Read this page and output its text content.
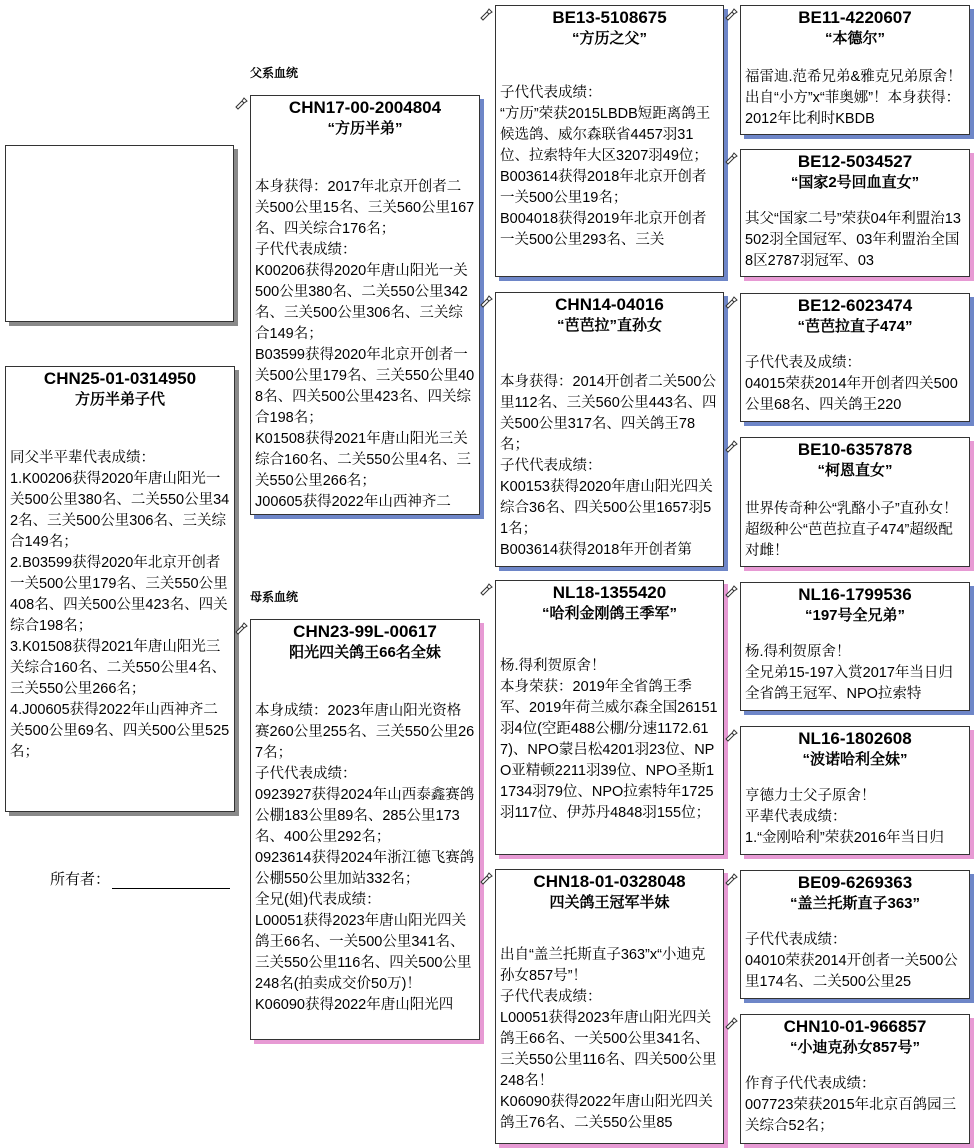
CHN25-01-0314950
方历半弟子代
同父半平辈代表成绩：
1.K00206获得2020年唐山阳光一关500公里380名、二关550公里342名、三关500公里306名、三关综合149名；
2.B03599获得2020年北京开创者一关500公里179名、三关550公里408名、四关500公里423名、四关综合198名；
3.K01508获得2021年唐山阳光三关综合160名、二关550公里4名、三关550公里266名；
4.J00605获得2022年山西神齐二关500公里69名、四关500公里525名；
所有者：
父系血统
母系血统
CHN17-00-2004804
“方历半弟”
本身获得：2017年北京开创者二关500公里15名、三关560公里167名、四关综合176名；
子代代表成绩：
K00206获得2020年唐山阳光一关500公里380名、二关550公里342名、三关500公里306名、三关综合149名；
B03599获得2020年北京开创者一关500公里179名、三关550公里408名、四关500公里423名、四关综合198名；
K01508获得2021年唐山阳光三关综合160名、二关550公里4名、三关550公里266名；
J00605获得2022年山西神齐二
CHN23-99L-00617
阳光四关鸽王66名全妹
本身成绩：2023年唐山阳光资格赛260公里255名、三关550公里267名；
子代代表成绩：
0923927获得2024年山西泰鑫赛鸽公棚183公里89名、285公里173名、400公里292名；
0923614获得2024年浙江德飞赛鸽公棚550公里加站332名；
全兄(姐)代表成绩：
L00051获得2023年唐山阳光四关鸽王66名、一关500公里341名、三关550公里116名、四关500公里248名(拍卖成交价50万)！
K06090获得2022年唐山阳光四
BE13-5108675
“方历之父”
子代代表成绩：
“方历”荣获2015LBDB短距离鸽王候选鸽、威尔森联省4457羽31位、拉索特年大区3207羽49位；
B003614获得2018年北京开创者一关500公里19名；
B004018获得2019年北京开创者一关500公里293名、三关
CHN14-04016
“芭芭拉”直孙女
本身获得：2014开创者二关500公里112名、三关560公里443名、四关500公里317名、四关鸽王78名；
子代代表成绩：
K00153获得2020年唐山阳光四关综合36名、四关500公里1657羽51名；
B003614获得2018年开创者第
NL18-1355420
“哈利金刚鸽王季军”
杨.得利贺原舍！
本身荣获：2019年全省鸽王季军、2019年荷兰威尔森全国26151羽4位(空距488公棚/分速1172.617)、NPO蒙吕松4201羽23位、NPO亚精顿2211羽39位、NPO圣斯11734羽79位、NPO拉索特年1725羽117位、伊苏丹4848羽155位；
CHN18-01-0328048
四关鸽王冠军半妹
出自“盖兰托斯直子363”x“小迪克孙女857号”！
子代代表成绩：
L00051获得2023年唐山阳光四关鸽王66名、一关500公里341名、三关550公里116名、四关500公里248名！
K06090获得2022年唐山阳光四关鸽王76名、二关550公里85
BE11-4220607
“本德尔”
福雷迪.范希兄弟&雅克兄弟原舍！出自“小方”x“菲奥娜”！本身获得：2012年比利时KBDB
BE12-5034527
“国家2号回血直女”
其父“国家二号”荣获04年利盟治13502羽全国冠军、03年利盟治全国8区2787羽冠军、03
BE12-6023474
“芭芭拉直子474”
子代代表及成绩：
04015荣获2014年开创者四关500公里68名、四关鸽王220
BE10-6357878
“柯恩直女”
世界传奇种公“乳酪小子”直孙女！超级种公“芭芭拉直子474”超级配对雌！
NL16-1799536
“197号全兄弟”
杨.得利贺原舍！
全兄弟15-197入赏2017年当日归全省鸽王冠军、NPO拉索特
NL16-1802608
“波诺哈利全妹”
亨德力士父子原舍！
平辈代表成绩：
1.“金刚哈利”荣获2016年当日归
BE09-6269363
“盖兰托斯直子363”
子代代表成绩：
04010荣获2014开创者一关500公里174名、二关500公里25
CHN10-01-966857
“小迪克孙女857号”
作育子代代表成绩：
007723荣获2015年北京百鸽园三关综合52名；
